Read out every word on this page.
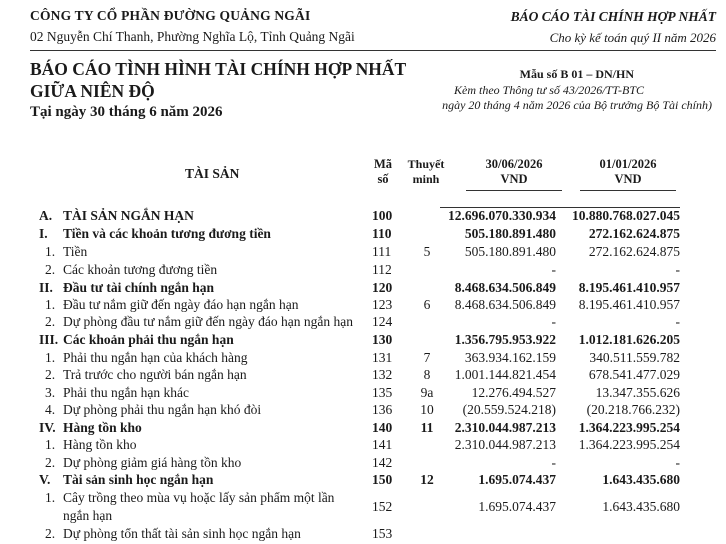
CÔNG TY CỔ PHẦN ĐƯỜNG QUẢNG NGÃI
02 Nguyễn Chí Thanh, Phường Nghĩa Lộ, Tỉnh Quảng Ngãi
BÁO CÁO TÀI CHÍNH HỢP NHẤT
Cho kỳ kế toán quý II năm 2026
BÁO CÁO TÌNH HÌNH TÀI CHÍNH HỢP NHẤT
GIỮA NIÊN ĐỘ
Tại ngày 30 tháng 6 năm 2026
Mẫu số B 01 – DN/HN
Kèm theo Thông tư số 43/2026/TT-BTC
ngày 20 tháng 4 năm 2026 của Bộ trưởng Bộ Tài chính)
TÀI SẢN
Mã
số
Thuyết
minh
30/06/2026
VND
01/01/2026
VND
A. TÀI SẢN NGẮN HẠN	100	12.696.070.330.934 10.880.768.027.045
I. Tiền và các khoản tương đương tiền	110	505.180.891.480 272.162.624.875
1. Tiền	111	5	505.180.891.480 272.162.624.875
2. Các khoản tương đương tiền	112	-	-
II. Đầu tư tài chính ngắn hạn	120	8.468.634.506.849 8.195.461.410.957
1. Đầu tư nắm giữ đến ngày đáo hạn ngắn hạn	123	6	8.468.634.506.849 8.195.461.410.957
2. Dự phòng đầu tư nắm giữ đến ngày đáo hạn ngắn hạn 124	-	-
III. Các khoản phải thu ngắn hạn	130	1.356.795.953.922 1.012.181.626.205
1. Phải thu ngắn hạn của khách hàng	131	7	363.934.162.159 340.511.559.782
2. Trả trước cho người bán ngắn hạn	132	8	1.001.144.821.454 678.541.477.029
3. Phải thu ngắn hạn khác	135	9a	12.276.494.527	13.347.355.626
4. Dự phòng phải thu ngắn hạn khó đòi	136	10	(20.559.524.218) (20.218.766.232)
IV. Hàng tồn kho	140	11	2.310.044.987.213 1.364.223.995.254
1. Hàng tồn kho	141	2.310.044.987.213 1.364.223.995.254
2. Dự phòng giảm giá hàng tồn kho	142	-	-
V. Tài sản sinh học ngắn hạn	150	12	1.695.074.437	1.643.435.680
1. Cây trồng theo mùa vụ hoặc lấy sản phẩm một lần
152	1.695.074.437	1.643.435.680
ngắn hạn
2. Dự phòng tổn thất tài sản sinh học ngắn hạn	153
